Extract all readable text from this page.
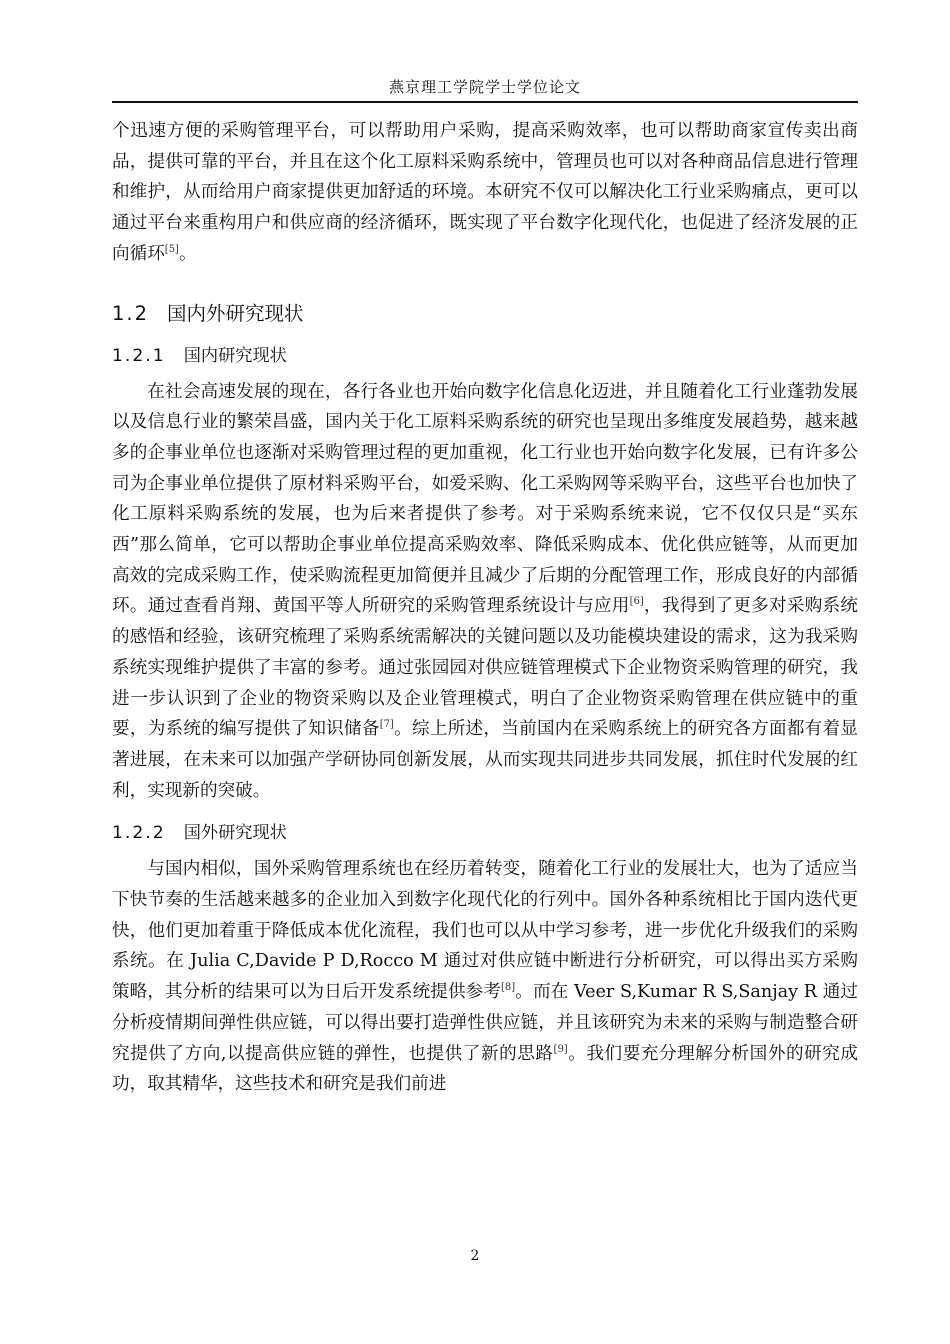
燕京理工学院学士学位论文

个迅速方便的采购管理平台，可以帮助用户采购，提高采购效率，也可以帮助商家宣传卖出商品，提供可靠的平台，并且在这个化工原料采购系统中，管理员也可以对各种商品信息进行管理和维护，从而给用户商家提供更加舒适的环境。本研究不仅可以解决化工行业采购痛点，更可以通过平台来重构用户和供应商的经济循环，既实现了平台数字化现代化，也促进了经济发展的正向循环[5]。

1.2 国内外研究现状
1.2.1 国内研究现状

在社会高速发展的现在，各行各业也开始向数字化信息化迈进，并且随着化工行业蓬勃发展以及信息行业的繁荣昌盛，国内关于化工原料采购系统的研究也呈现出多维度发展趋势，越来越多的企事业单位也逐渐对采购管理过程的更加重视，化工行业也开始向数字化发展，已有许多公司为企事业单位提供了原材料采购平台，如爱采购、化工采购网等采购平台，这些平台也加快了化工原料采购系统的发展，也为后来者提供了参考。对于采购系统来说，它不仅仅只是“买东西”那么简单，它可以帮助企事业单位提高采购效率、降低采购成本、优化供应链等，从而更加高效的完成采购工作，使采购流程更加简便并且减少了后期的分配管理工作，形成良好的内部循环。通过查看肖翔、黄国平等人所研究的采购管理系统设计与应用[6]，我得到了更多对采购系统的感悟和经验，该研究梳理了采购系统需解决的关键问题以及功能模块建设的需求，这为我采购系统实现维护提供了丰富的参考。通过张园园对供应链管理模式下企业物资采购管理的研究，我进一步认识到了企业的物资采购以及企业管理模式，明白了企业物资采购管理在供应链中的重要，为系统的编写提供了知识储备[7]。综上所述，当前国内在采购系统上的研究各方面都有着显著进展，在未来可以加强产学研协同创新发展，从而实现共同进步共同发展，抓住时代发展的红利，实现新的突破。

1.2.2 国外研究现状

与国内相似，国外采购管理系统也在经历着转变，随着化工行业的发展壮大，也为了适应当下快节奏的生活越来越多的企业加入到数字化现代化的行列中。国外各种系统相比于国内迭代更快，他们更加着重于降低成本优化流程，我们也可以从中学习参考，进一步优化升级我们的采购系统。在 Julia C,Davide P D,Rocco M 通过对供应链中断进行分析研究，可以得出买方采购策略，其分析的结果可以为日后开发系统提供参考[8]。而在 Veer S,Kumar R S,Sanjay R 通过分析疫情期间弹性供应链，可以得出要打造弹性供应链，并且该研究为未来的采购与制造整合研究提供了方向,以提高供应链的弹性，也提供了新的思路[9]。我们要充分理解分析国外的研究成功，取其精华，这些技术和研究是我们前进

2
